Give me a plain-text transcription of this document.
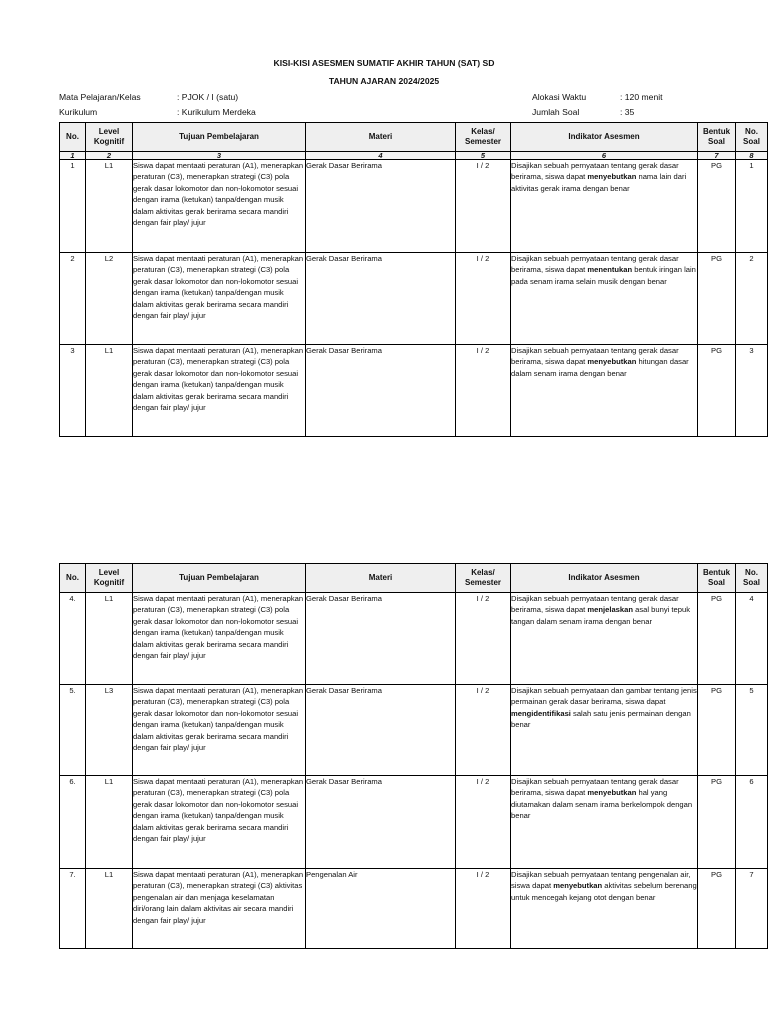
KISI-KISI ASESMEN SUMATIF AKHIR TAHUN (SAT) SD
TAHUN AJARAN 2024/2025
Mata Pelajaran/Kelas	: PJOK / I (satu)
Kurikulum	: Kurikulum Merdeka
Alokasi Waktu	: 120 menit
Jumlah Soal	: 35
No.	Level Kognitif	Tujuan Pembelajaran	Materi	Kelas/ Semester	Indikator Asesmen	Bentuk Soal	No. Soal
1	2	3	4	5	6	7	8
1	L1	Siswa dapat mentaati peraturan (A1), menerapkan peraturan (C3), menerapkan strategi (C3) pola gerak dasar lokomotor dan non-lokomotor sesuai dengan irama (ketukan) tanpa/dengan musik dalam aktivitas gerak berirama secara mandiri dengan fair play/ jujur	Gerak Dasar Berirama	I / 2	Disajikan sebuah pernyataan tentang gerak dasar berirama, siswa dapat menyebutkan nama lain dari aktivitas gerak irama dengan benar	PG	1
2	L2	Siswa dapat mentaati peraturan (A1), menerapkan peraturan (C3), menerapkan strategi (C3) pola gerak dasar lokomotor dan non-lokomotor sesuai dengan irama (ketukan) tanpa/dengan musik dalam aktivitas gerak berirama secara mandiri dengan fair play/ jujur	Gerak Dasar Berirama	I / 2	Disajikan sebuah pernyataan tentang gerak dasar berirama, siswa dapat menentukan bentuk iringan lain pada senam irama selain musik dengan benar	PG	2
3	L1	Siswa dapat mentaati peraturan (A1), menerapkan peraturan (C3), menerapkan strategi (C3) pola gerak dasar lokomotor dan non-lokomotor sesuai dengan irama (ketukan) tanpa/dengan musik dalam aktivitas gerak berirama secara mandiri dengan fair play/ jujur	Gerak Dasar Berirama	I / 2	Disajikan sebuah pernyataan tentang gerak dasar berirama, siswa dapat menyebutkan hitungan dasar dalam senam irama dengan benar	PG	3
No.	Level Kognitif	Tujuan Pembelajaran	Materi	Kelas/ Semester	Indikator Asesmen	Bentuk Soal	No. Soal
4.	L1	Siswa dapat mentaati peraturan (A1), menerapkan peraturan (C3), menerapkan strategi (C3) pola gerak dasar lokomotor dan non-lokomotor sesuai dengan irama (ketukan) tanpa/dengan musik dalam aktivitas gerak berirama secara mandiri dengan fair play/ jujur	Gerak Dasar Berirama	I / 2	Disajikan sebuah pernyataan tentang gerak dasar berirama, siswa dapat menjelaskan asal bunyi tepuk tangan dalam senam irama dengan benar	PG	4
5.	L3	Siswa dapat mentaati peraturan (A1), menerapkan peraturan (C3), menerapkan strategi (C3) pola gerak dasar lokomotor dan non-lokomotor sesuai dengan irama (ketukan) tanpa/dengan musik dalam aktivitas gerak berirama secara mandiri dengan fair play/ jujur	Gerak Dasar Berirama	I / 2	Disajikan sebuah pernyataan dan gambar tentang jenis permainan gerak dasar berirama, siswa dapat mengidentifikasi salah satu jenis permainan dengan benar	PG	5
6.	L1	Siswa dapat mentaati peraturan (A1), menerapkan peraturan (C3), menerapkan strategi (C3) pola gerak dasar lokomotor dan non-lokomotor sesuai dengan irama (ketukan) tanpa/dengan musik dalam aktivitas gerak berirama secara mandiri dengan fair play/ jujur	Gerak Dasar Berirama	I / 2	Disajikan sebuah pernyataan tentang gerak dasar berirama, siswa dapat menyebutkan hal yang diutamakan dalam senam irama berkelompok dengan benar	PG	6
7.	L1	Siswa dapat mentaati peraturan (A1), menerapkan peraturan (C3), menerapkan strategi (C3) aktivitas pengenalan air dan menjaga keselamatan diri/orang lain dalam aktivitas air secara mandiri dengan fair play/ jujur	Pengenalan Air	I / 2	Disajikan sebuah pernyataan tentang pengenalan air, siswa dapat menyebutkan aktivitas sebelum berenang untuk mencegah kejang otot dengan benar	PG	7
